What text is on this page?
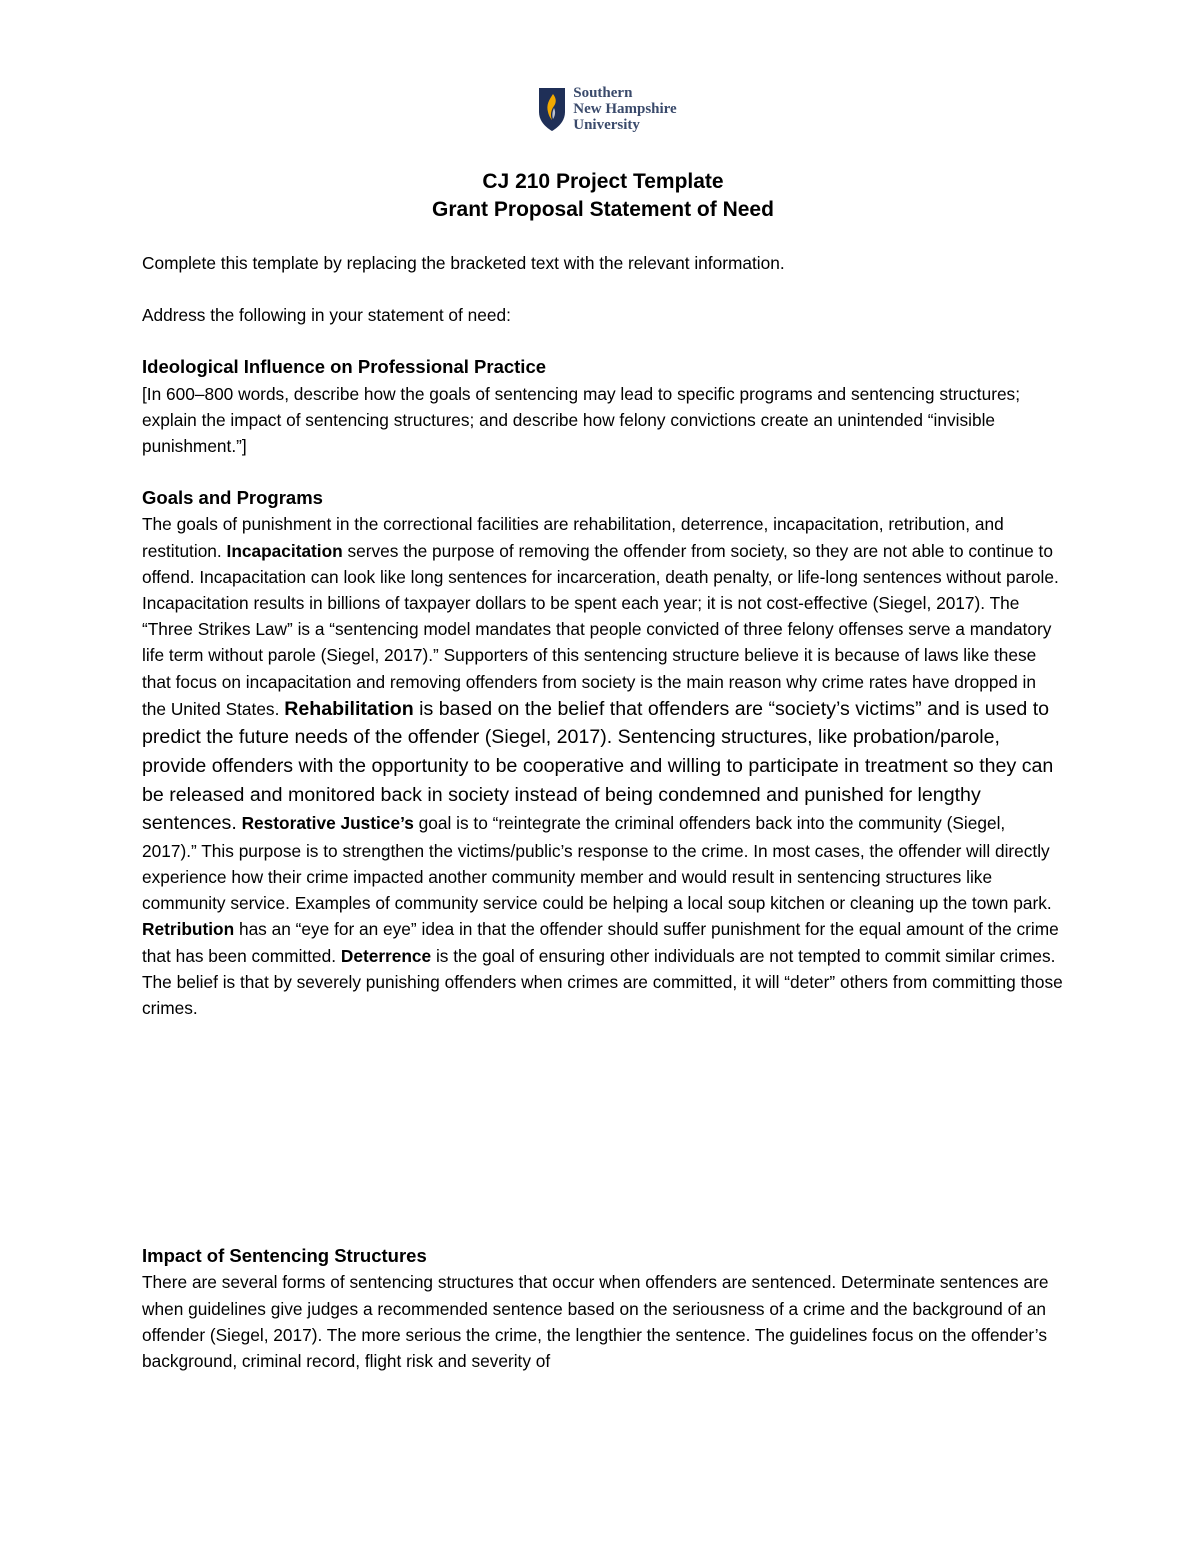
Southern
New Hampshire
University
CJ 210 Project Template
Grant Proposal Statement of Need

Complete this template by replacing the bracketed text with the relevant information.

Address the following in your statement of need:

Ideological Influence on Professional Practice

[In 600–800 words, describe how the goals of sentencing may lead to specific programs and sentencing structures; explain the impact of sentencing structures; and describe how felony convictions create an unintended “invisible punishment.”]

Goals and Programs

The goals of punishment in the correctional facilities are rehabilitation, deterrence, incapacitation, retribution, and restitution. Incapacitation serves the purpose of removing the offender from society, so they are not able to continue to offend. Incapacitation can look like long sentences for incarceration, death penalty, or life-long sentences without parole. Incapacitation results in billions of taxpayer dollars to be spent each year; it is not cost-effective (Siegel, 2017). The “Three Strikes Law” is a “sentencing model mandates that people convicted of three felony offenses serve a mandatory life term without parole (Siegel, 2017).” Supporters of this sentencing structure believe it is because of laws like these that focus on incapacitation and removing offenders from society is the main reason why crime rates have dropped in the United States. Rehabilitation is based on the belief that offenders are “society’s victims” and is used to predict the future needs of the offender (Siegel, 2017). Sentencing structures, like probation/parole, provide offenders with the opportunity to be cooperative and willing to participate in treatment so they can be released and monitored back in society instead of being condemned and punished for lengthy sentences. Restorative Justice’s goal is to “reintegrate the criminal offenders back into the community (Siegel, 2017).” This purpose is to strengthen the victims/public’s response to the crime. In most cases, the offender will directly experience how their crime impacted another community member and would result in sentencing structures like community service. Examples of community service could be helping a local soup kitchen or cleaning up the town park. Retribution has an “eye for an eye” idea in that the offender should suffer punishment for the equal amount of the crime that has been committed. Deterrence is the goal of ensuring other individuals are not tempted to commit similar crimes. The belief is that by severely punishing offenders when crimes are committed, it will “deter” others from committing those crimes.

Impact of Sentencing Structures

There are several forms of sentencing structures that occur when offenders are sentenced. Determinate sentences are when guidelines give judges a recommended sentence based on the seriousness of a crime and the background of an offender (Siegel, 2017). The more serious the crime, the lengthier the sentence. The guidelines focus on the offender’s background, criminal record, flight risk and severity of
